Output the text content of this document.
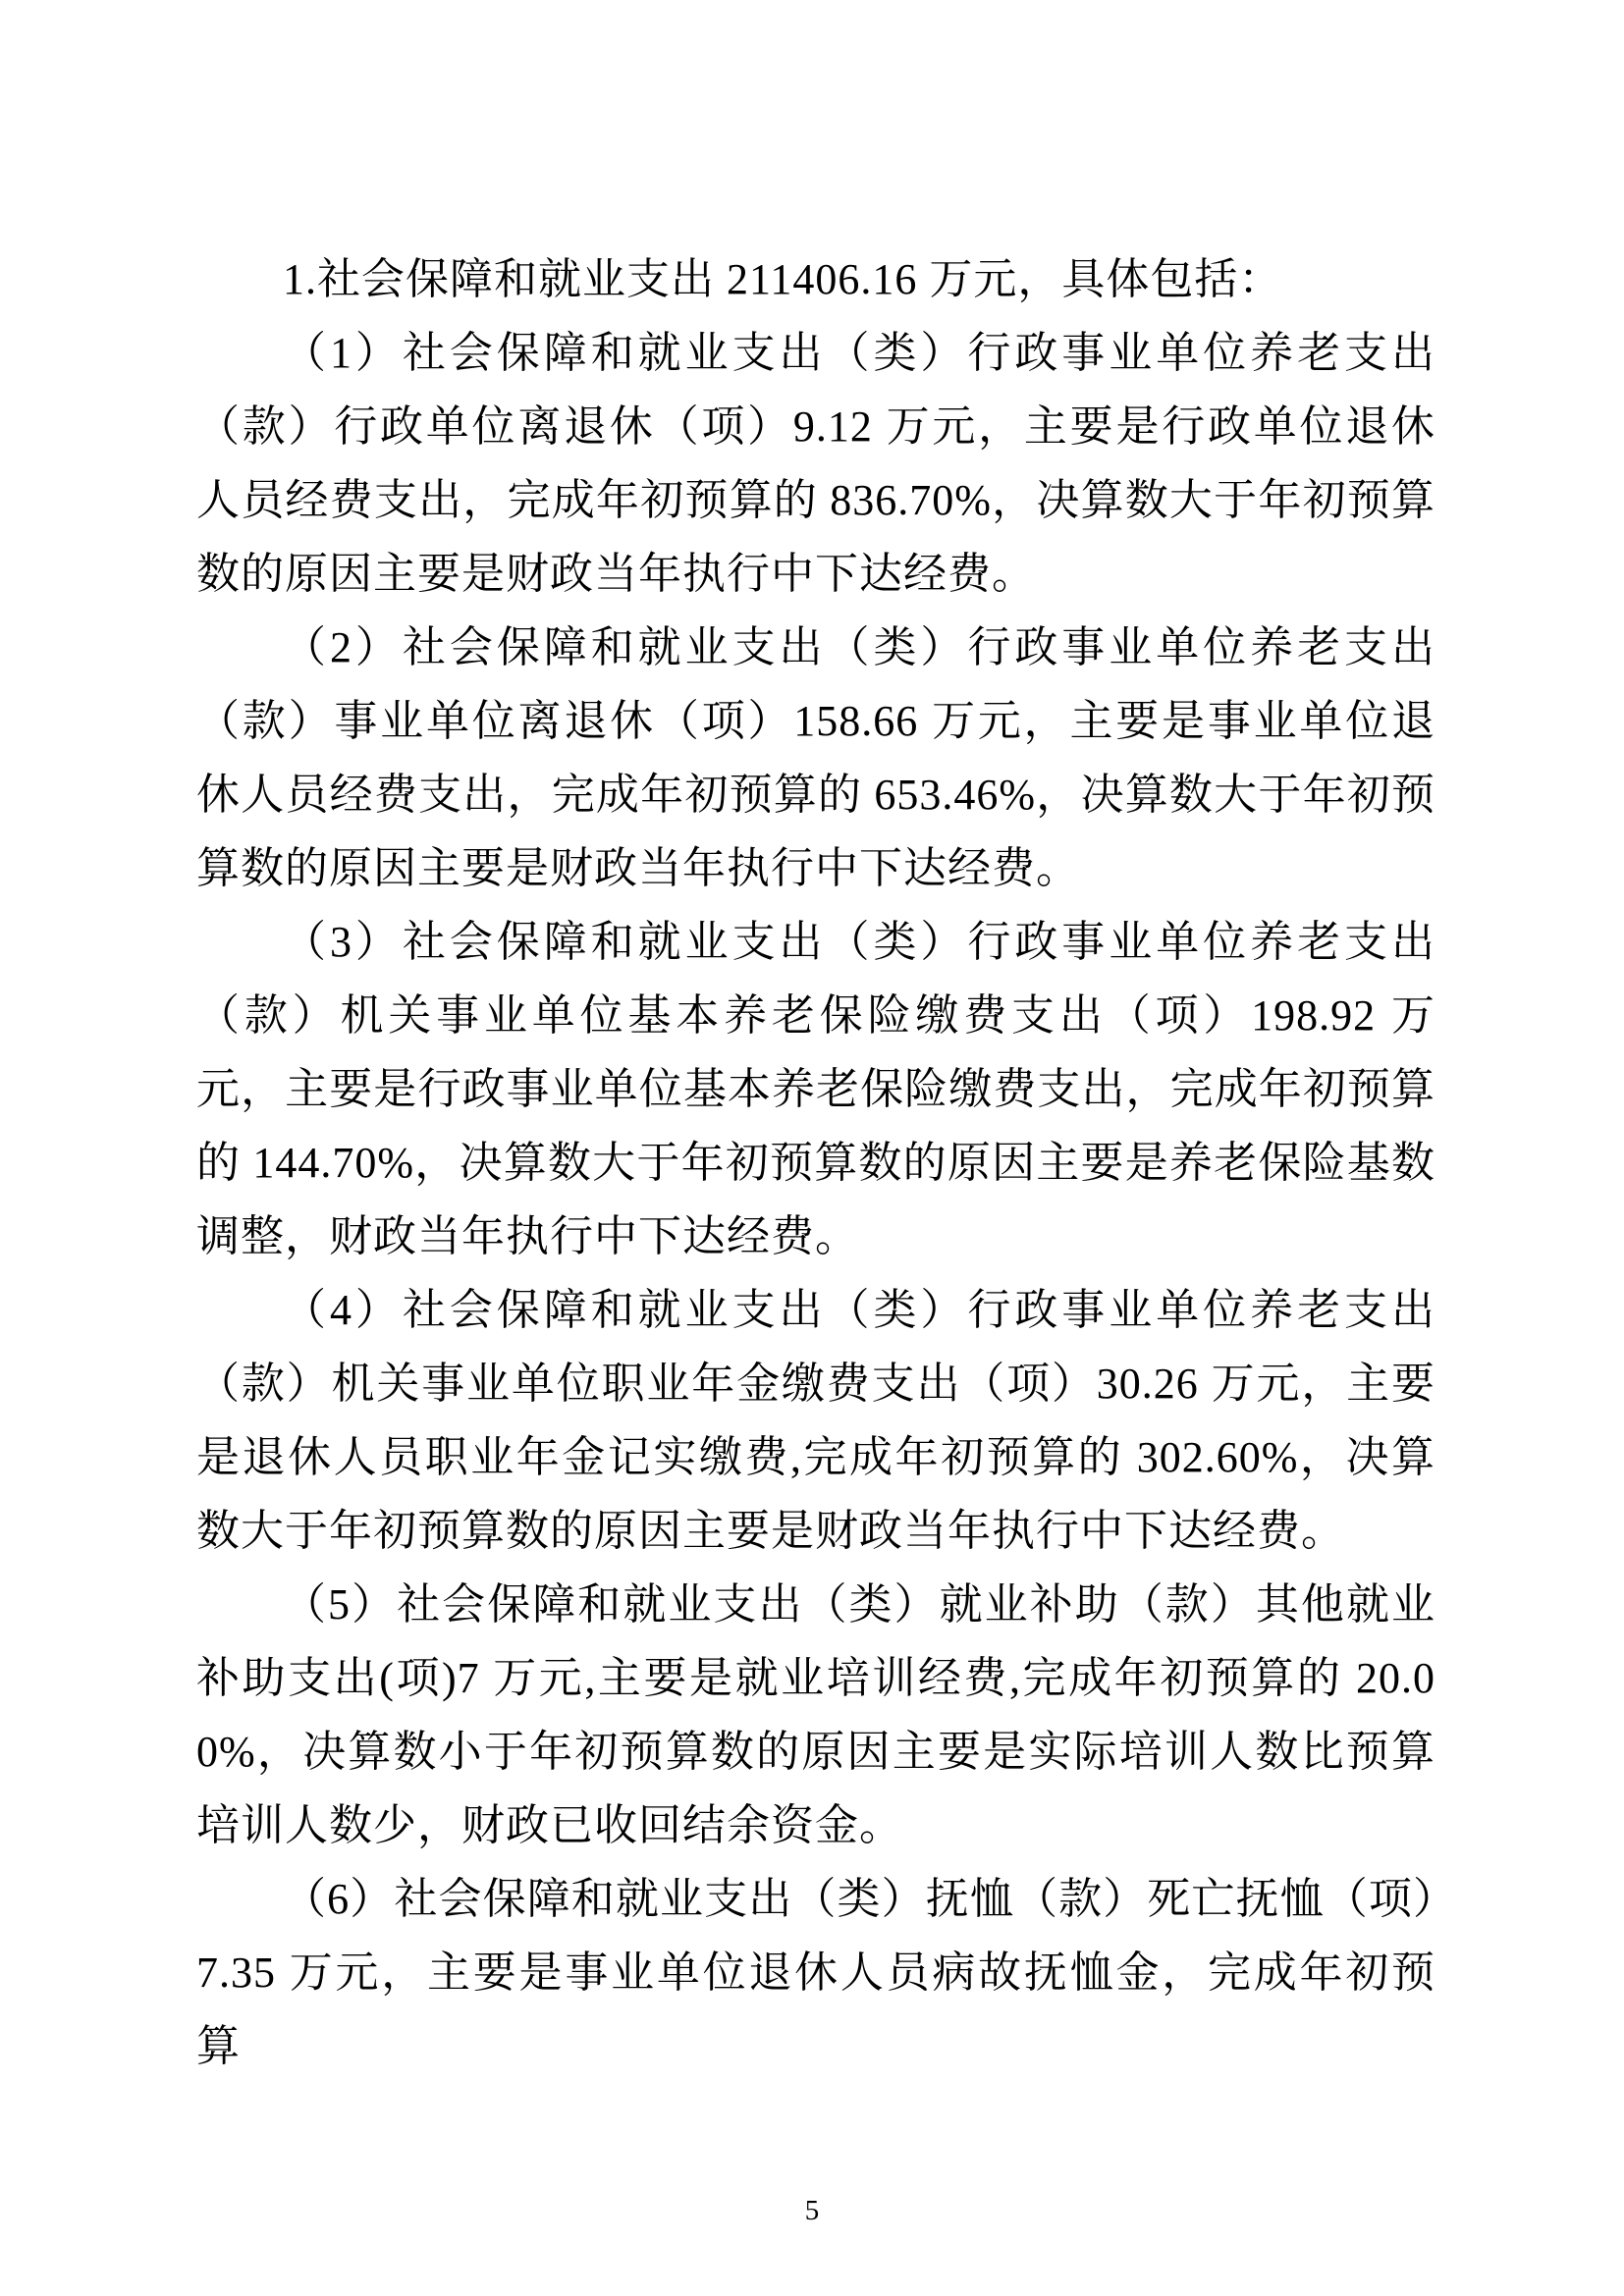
1.社会保障和就业支出 211406.16 万元，具体包括：

（1）社会保障和就业支出（类）行政事业单位养老支出（款）行政单位离退休（项）9.12 万元，主要是行政单位退休人员经费支出，完成年初预算的 836.70%，决算数大于年初预算数的原因主要是财政当年执行中下达经费。

（2）社会保障和就业支出（类）行政事业单位养老支出（款）事业单位离退休（项）158.66 万元，主要是事业单位退休人员经费支出，完成年初预算的 653.46%，决算数大于年初预算数的原因主要是财政当年执行中下达经费。

（3）社会保障和就业支出（类）行政事业单位养老支出（款）机关事业单位基本养老保险缴费支出（项）198.92 万元，主要是行政事业单位基本养老保险缴费支出，完成年初预算的 144.70%，决算数大于年初预算数的原因主要是养老保险基数调整，财政当年执行中下达经费。

（4）社会保障和就业支出（类）行政事业单位养老支出（款）机关事业单位职业年金缴费支出（项）30.26 万元，主要是退休人员职业年金记实缴费,完成年初预算的 302.60%，决算数大于年初预算数的原因主要是财政当年执行中下达经费。

（5）社会保障和就业支出（类）就业补助（款）其他就业补助支出(项)7 万元,主要是就业培训经费,完成年初预算的 20.00%，决算数小于年初预算数的原因主要是实际培训人数比预算培训人数少，财政已收回结余资金。

（6）社会保障和就业支出（类）抚恤（款）死亡抚恤（项）7.35 万元，主要是事业单位退休人员病故抚恤金，完成年初预算

5
